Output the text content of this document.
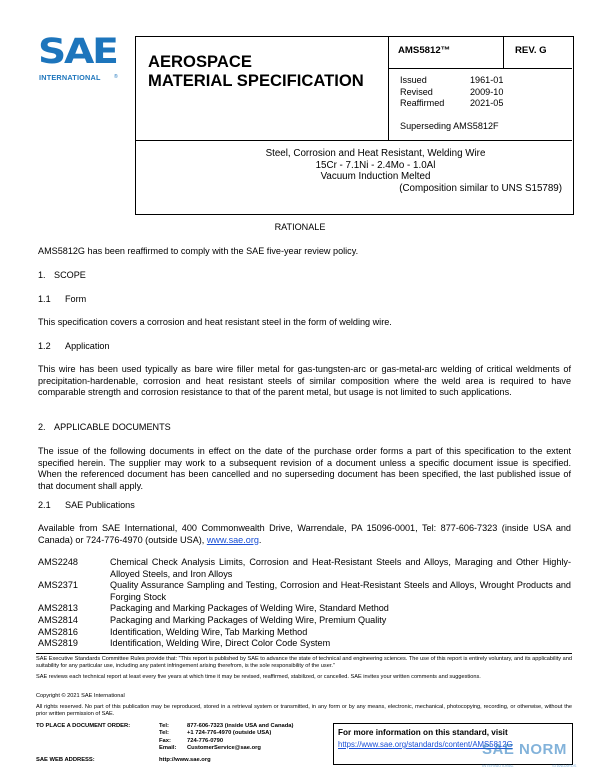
SAE
INTERNATIONAL	®
AEROSPACE
MATERIAL SPECIFICATION
AMS5812™	REV. G
Issued	1961-01
Revised	2009-10
Reaffirmed	2021-05
Superseding AMS5812F
Steel, Corrosion and Heat Resistant, Welding Wire
15Cr - 7.1Ni - 2.4Mo - 1.0Al
Vacuum Induction Melted
(Composition similar to UNS S15789)
RATIONALE
AMS5812G has been reaffirmed to comply with the SAE five-year review policy.
1. SCOPE
1.1 Form
This specification covers a corrosion and heat resistant steel in the form of welding wire.
1.2 Application
This wire has been used typically as bare wire filler metal for gas-tungsten-arc or gas-metal-arc welding of critical weldments of precipitation-hardenable, corrosion and heat resistant steels of similar composition where the weld area is required to have comparable strength and corrosion resistance to that of the parent metal, but usage is not limited to such applications.
2. APPLICABLE DOCUMENTS
The issue of the following documents in effect on the date of the purchase order forms a part of this specification to the extent specified herein. The supplier may work to a subsequent revision of a document unless a specific document issue is specified. When the referenced document has been cancelled and no superseding document has been specified, the last published issue of that document shall apply.
2.1 SAE Publications
Available from SAE International, 400 Commonwealth Drive, Warrendale, PA 15096-0001, Tel: 877-606-7323 (inside USA and Canada) or 724-776-4970 (outside USA), www.sae.org.
AMS2248	Chemical Check Analysis Limits, Corrosion and Heat-Resistant Steels and Alloys, Maraging and Other Highly-Alloyed Steels, and Iron Alloys
AMS2371	Quality Assurance Sampling and Testing, Corrosion and Heat-Resistant Steels and Alloys, Wrought Products and Forging Stock
AMS2813	Packaging and Marking Packages of Welding Wire, Standard Method
AMS2814	Packaging and Marking Packages of Welding Wire, Premium Quality
AMS2816	Identification, Welding Wire, Tab Marking Method
AMS2819	Identification, Welding Wire, Direct Color Code System
SAE Executive Standards Committee Rules provide that: “This report is published by SAE to advance the state of technical and engineering sciences. The use of this report is entirely voluntary, and its applicability and suitability for any particular use, including any patent infringement arising therefrom, is the sole responsibility of the user.”
SAE reviews each technical report at least every five years at which time it may be revised, reaffirmed, stabilized, or cancelled. SAE invites your written comments and suggestions.
Copyright © 2021 SAE International
All rights reserved. No part of this publication may be reproduced, stored in a retrieval system or transmitted, in any form or by any means, electronic, mechanical, photocopying, recording, or otherwise, without the prior written permission of SAE.
TO PLACE A DOCUMENT ORDER:	Tel:	877-606-7323 (inside USA and Canada)
Tel:	+1 724-776-4970 (outside USA)
Fax:	724-776-0790
Email:	CustomerService@sae.org
SAE WEB ADDRESS:	http://www.sae.org
For more information on this standard, visit
https://www.sae.org/standards/content/AMS5812G
SAE NORM
INTERNATIONAL	STANDARDS
